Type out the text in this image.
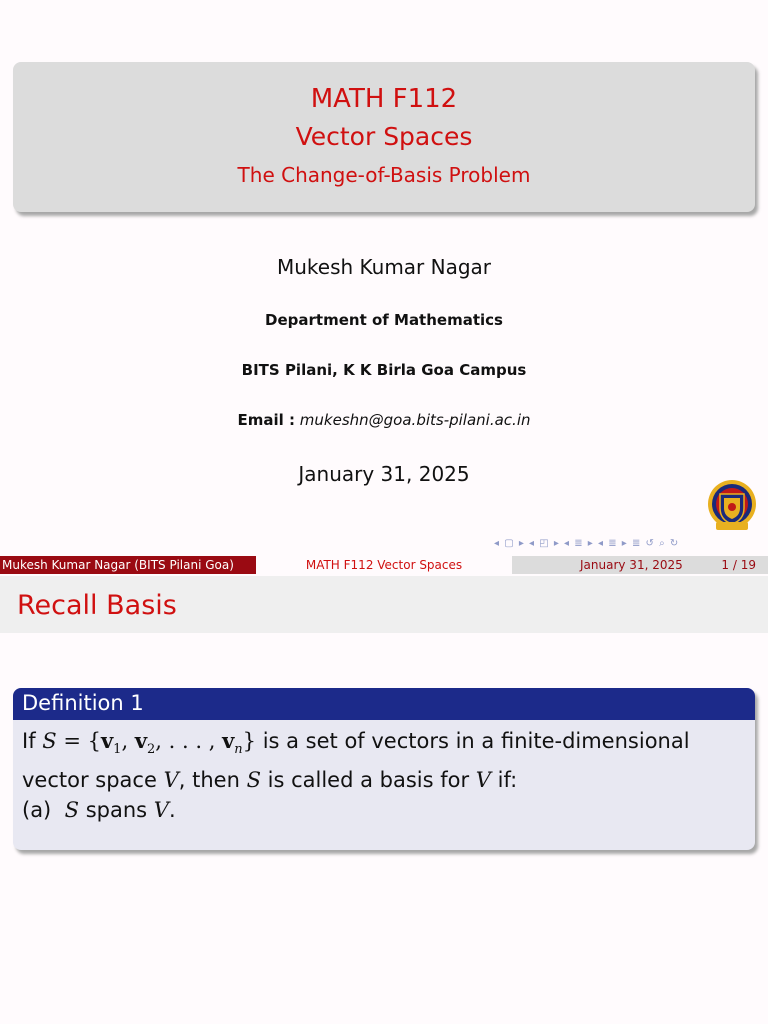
MATH F112
Vector Spaces
The Change-of-Basis Problem
Mukesh Kumar Nagar
Department of Mathematics
BITS Pilani, K K Birla Goa Campus
Email : mukeshn@goa.bits-pilani.ac.in
January 31, 2025
◂ ▢ ▸ ◂ ◰ ▸ ◂ ≣ ▸ ◂ ≣ ▸ ≣ ↺ ⌕ ↻
Mukesh Kumar Nagar (BITS Pilani Goa)	MATH F112 Vector Spaces	January 31, 2025	1 / 19
Recall Basis
Definition 1
If $S = \{v_1$, $v_2$, . . . , $v_n$} is a set of vectors in a finite-dimensional
vector space V, then S is called a basis for V if:
(a) S spans V.
